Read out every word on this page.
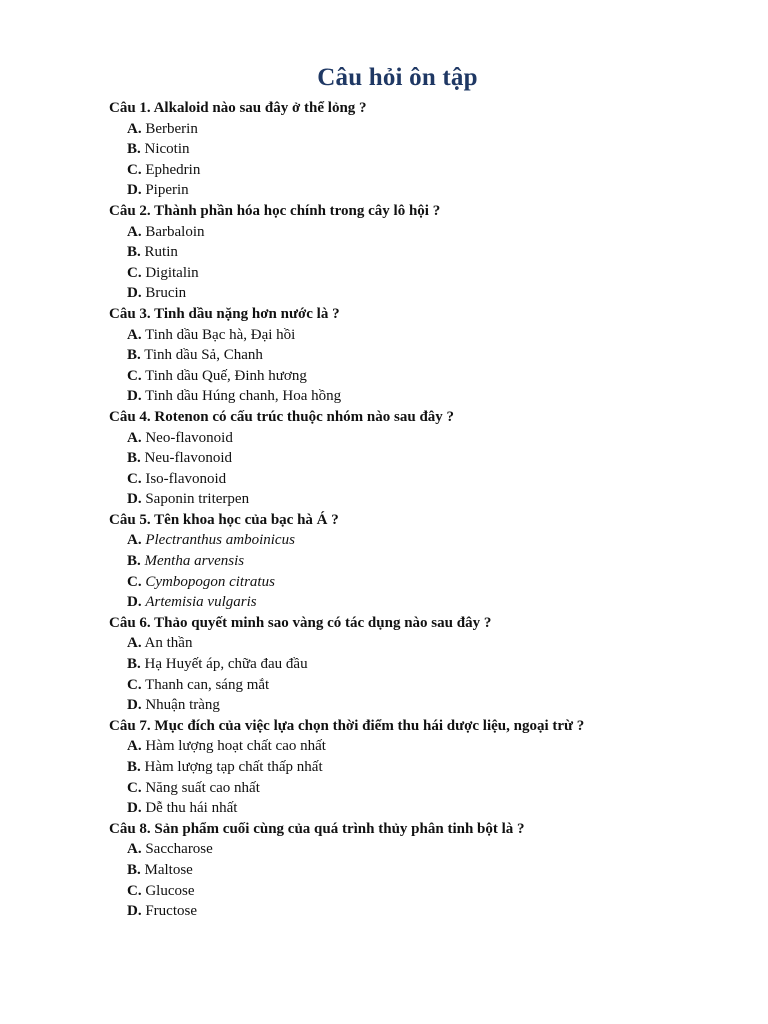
Câu hỏi ôn tập
Câu 1. Alkaloid nào sau đây ở thể lỏng ?
A. Berberin
B. Nicotin
C. Ephedrin
D. Piperin
Câu 2. Thành phần hóa học chính trong cây lô hội ?
A. Barbaloin
B. Rutin
C. Digitalin
D. Brucin
Câu 3. Tinh dầu nặng hơn nước là ?
A. Tinh dầu Bạc hà, Đại hồi
B. Tinh dầu Sả, Chanh
C. Tinh dầu Quế, Đinh hương
D. Tinh dầu Húng chanh, Hoa hồng
Câu 4. Rotenon có cấu trúc thuộc nhóm nào sau đây ?
A. Neo-flavonoid
B. Neu-flavonoid
C. Iso-flavonoid
D. Saponin triterpen
Câu 5. Tên khoa học của bạc hà Á ?
A. Plectranthus amboinicus
B. Mentha arvensis
C. Cymbopogon citratus
D. Artemisia vulgaris
Câu 6. Thảo quyết minh sao vàng có tác dụng nào sau đây ?
A. An thần
B. Hạ Huyết áp, chữa đau đầu
C. Thanh can, sáng mắt
D. Nhuận tràng
Câu 7. Mục đích của việc lựa chọn thời điểm thu hái dược liệu, ngoại trừ ?
A. Hàm lượng hoạt chất cao nhất
B. Hàm lượng tạp chất thấp nhất
C. Năng suất cao nhất
D. Dễ thu hái nhất
Câu 8. Sản phẩm cuối cùng của quá trình thủy phân tinh bột là ?
A. Saccharose
B. Maltose
C. Glucose
D. Fructose
